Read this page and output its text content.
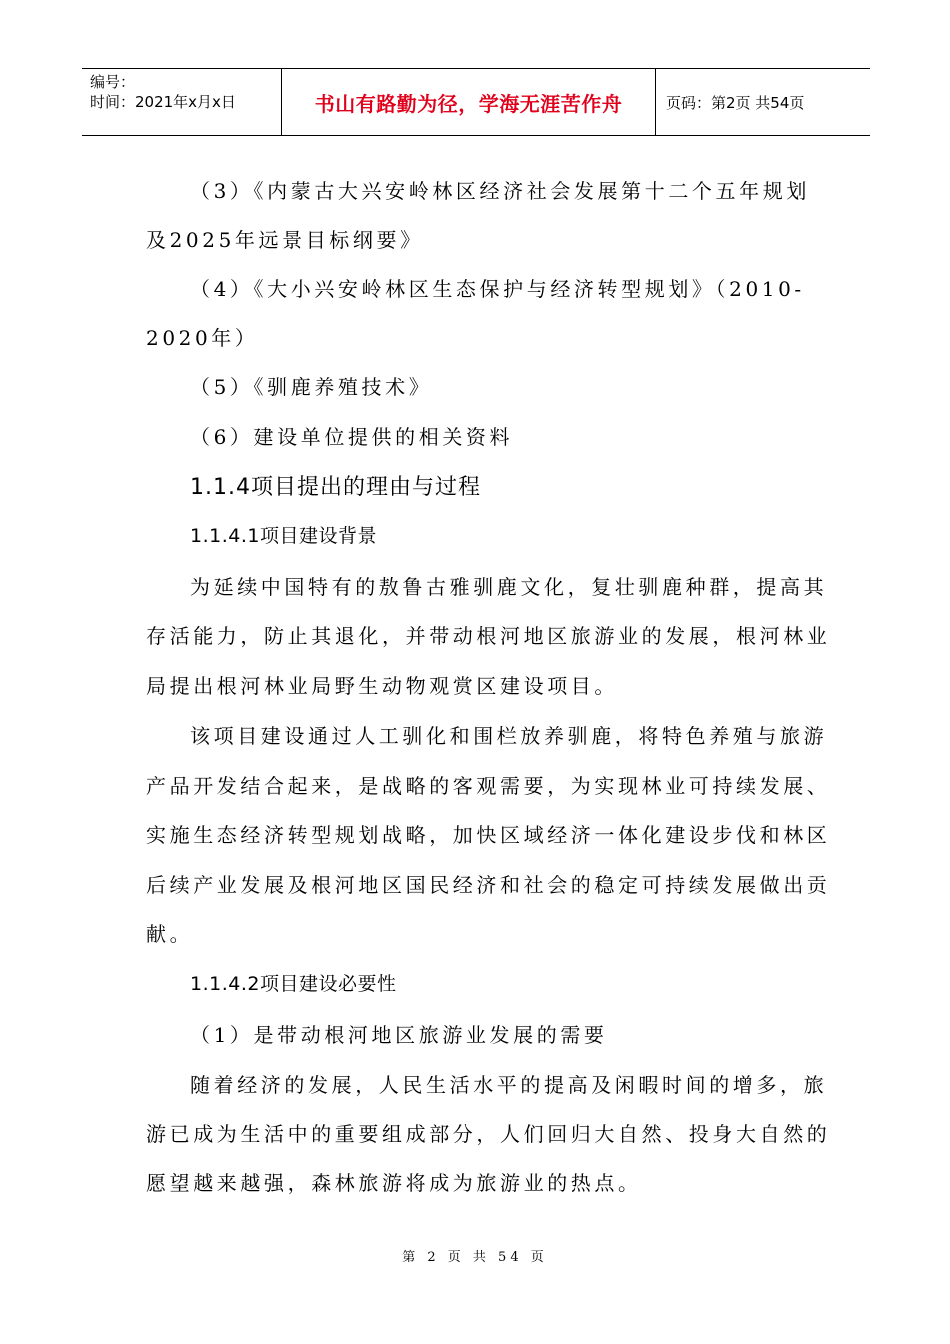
编号：
时间：2021年x月x日	书山有路勤为径，学海无涯苦作舟	页码：第2页 共54页
（3）《内蒙古大兴安岭林区经济社会发展第十二个五年规划
及2025年远景目标纲要》
（4）《大小兴安岭林区生态保护与经济转型规划》（2010-
2020年）
（5）《驯鹿养殖技术》
（6）建设单位提供的相关资料
1.1.4项目提出的理由与过程
1.1.4.1项目建设背景
为延续中国特有的敖鲁古雅驯鹿文化，复壮驯鹿种群，提高其
存活能力，防止其退化，并带动根河地区旅游业的发展，根河林业
局提出根河林业局野生动物观赏区建设项目。
该项目建设通过人工驯化和围栏放养驯鹿，将特色养殖与旅游
产品开发结合起来，是战略的客观需要，为实现林业可持续发展、
实施生态经济转型规划战略，加快区域经济一体化建设步伐和林区
后续产业发展及根河地区国民经济和社会的稳定可持续发展做出贡
献。
1.1.4.2项目建设必要性
（1）是带动根河地区旅游业发展的需要
随着经济的发展，人民生活水平的提高及闲暇时间的增多，旅
游已成为生活中的重要组成部分，人们回归大自然、投身大自然的
愿望越来越强，森林旅游将成为旅游业的热点。
第 2 页 共 54 页
